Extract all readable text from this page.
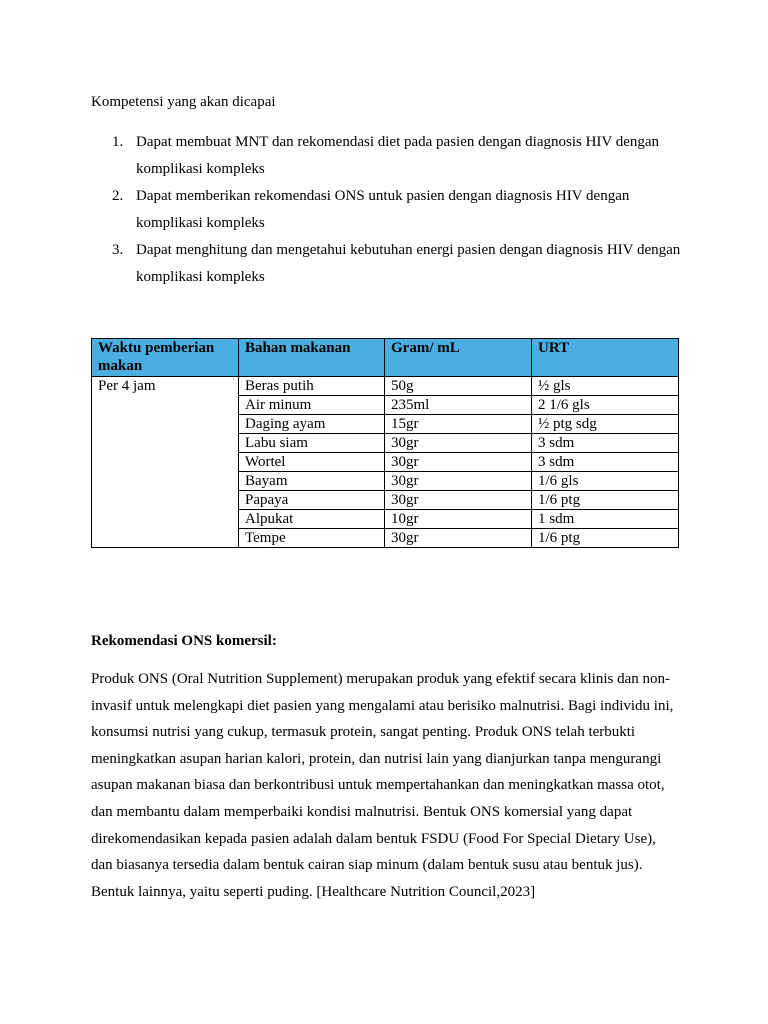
Kompetensi yang akan dicapai
1. Dapat membuat MNT dan rekomendasi diet pada pasien dengan diagnosis HIV dengan komplikasi kompleks
2. Dapat memberikan rekomendasi ONS untuk pasien dengan diagnosis HIV dengan komplikasi kompleks
3. Dapat menghitung dan mengetahui kebutuhan energi pasien dengan diagnosis HIV dengan komplikasi kompleks
Waktu pemberian makan	Bahan makanan	Gram/ mL	URT
Per 4 jam	Beras putih	50g	½ gls
	Air minum	235ml	2 1/6 gls
	Daging ayam	15gr	½ ptg sdg
	Labu siam	30gr	3 sdm
	Wortel	30gr	3 sdm
	Bayam	30gr	1/6 gls
	Papaya	30gr	1/6 ptg
	Alpukat	10gr	1 sdm
	Tempe	30gr	1/6 ptg
Rekomendasi ONS komersil:

Produk ONS (Oral Nutrition Supplement) merupakan produk yang efektif secara klinis dan non-invasif untuk melengkapi diet pasien yang mengalami atau berisiko malnutrisi. Bagi individu ini, konsumsi nutrisi yang cukup, termasuk protein, sangat penting. Produk ONS telah terbukti meningkatkan asupan harian kalori, protein, dan nutrisi lain yang dianjurkan tanpa mengurangi asupan makanan biasa dan berkontribusi untuk mempertahankan dan meningkatkan massa otot, dan membantu dalam memperbaiki kondisi malnutrisi. Bentuk ONS komersial yang dapat direkomendasikan kepada pasien adalah dalam bentuk FSDU (Food For Special Dietary Use), dan biasanya tersedia dalam bentuk cairan siap minum (dalam bentuk susu atau bentuk jus). Bentuk lainnya, yaitu seperti puding. [Healthcare Nutrition Council,2023]
